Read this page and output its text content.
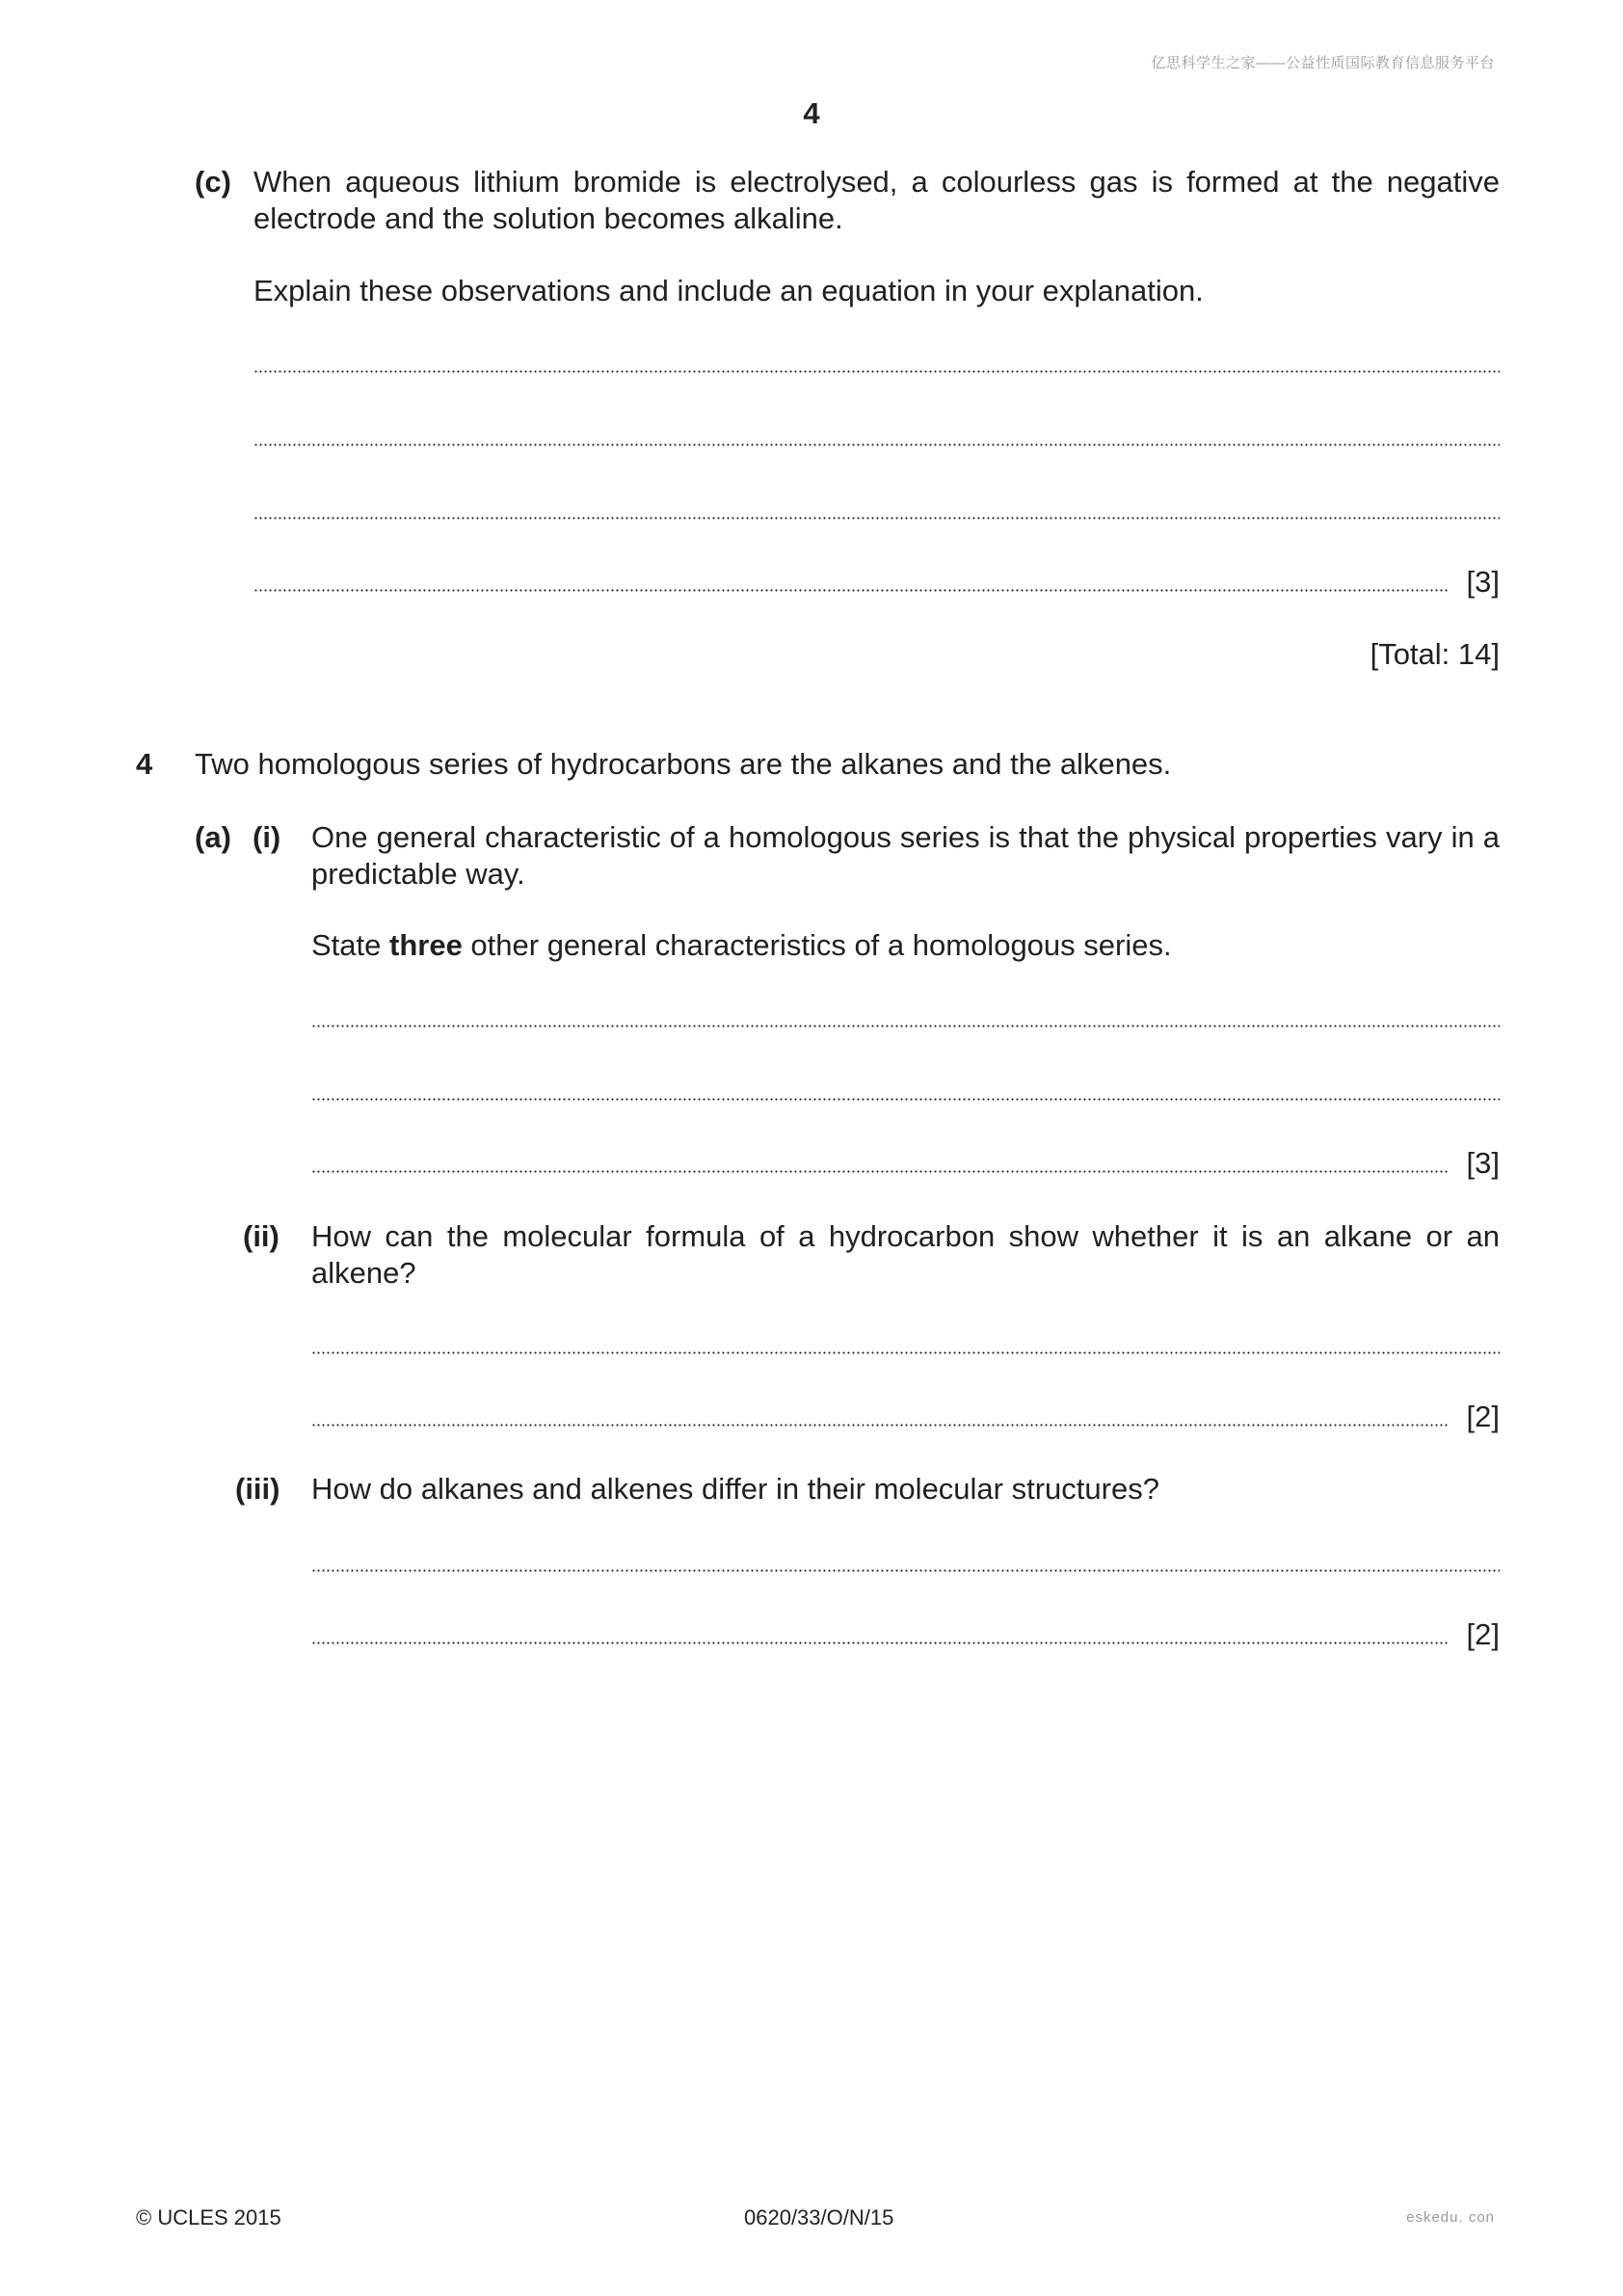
亿思科学生之家——公益性质国际教育信息服务平台
4
(c) When aqueous lithium bromide is electrolysed, a colourless gas is formed at the negative electrode and the solution becomes alkaline.
Explain these observations and include an equation in your explanation.
[3]
[Total: 14]
4 Two homologous series of hydrocarbons are the alkanes and the alkenes.
(a) (i) One general characteristic of a homologous series is that the physical properties vary in a predictable way.
State three other general characteristics of a homologous series.
[3]
(ii) How can the molecular formula of a hydrocarbon show whether it is an alkane or an alkene?
[2]
(iii) How do alkanes and alkenes differ in their molecular structures?
[2]
© UCLES 2015	0620/33/O/N/15	eskedu. con
